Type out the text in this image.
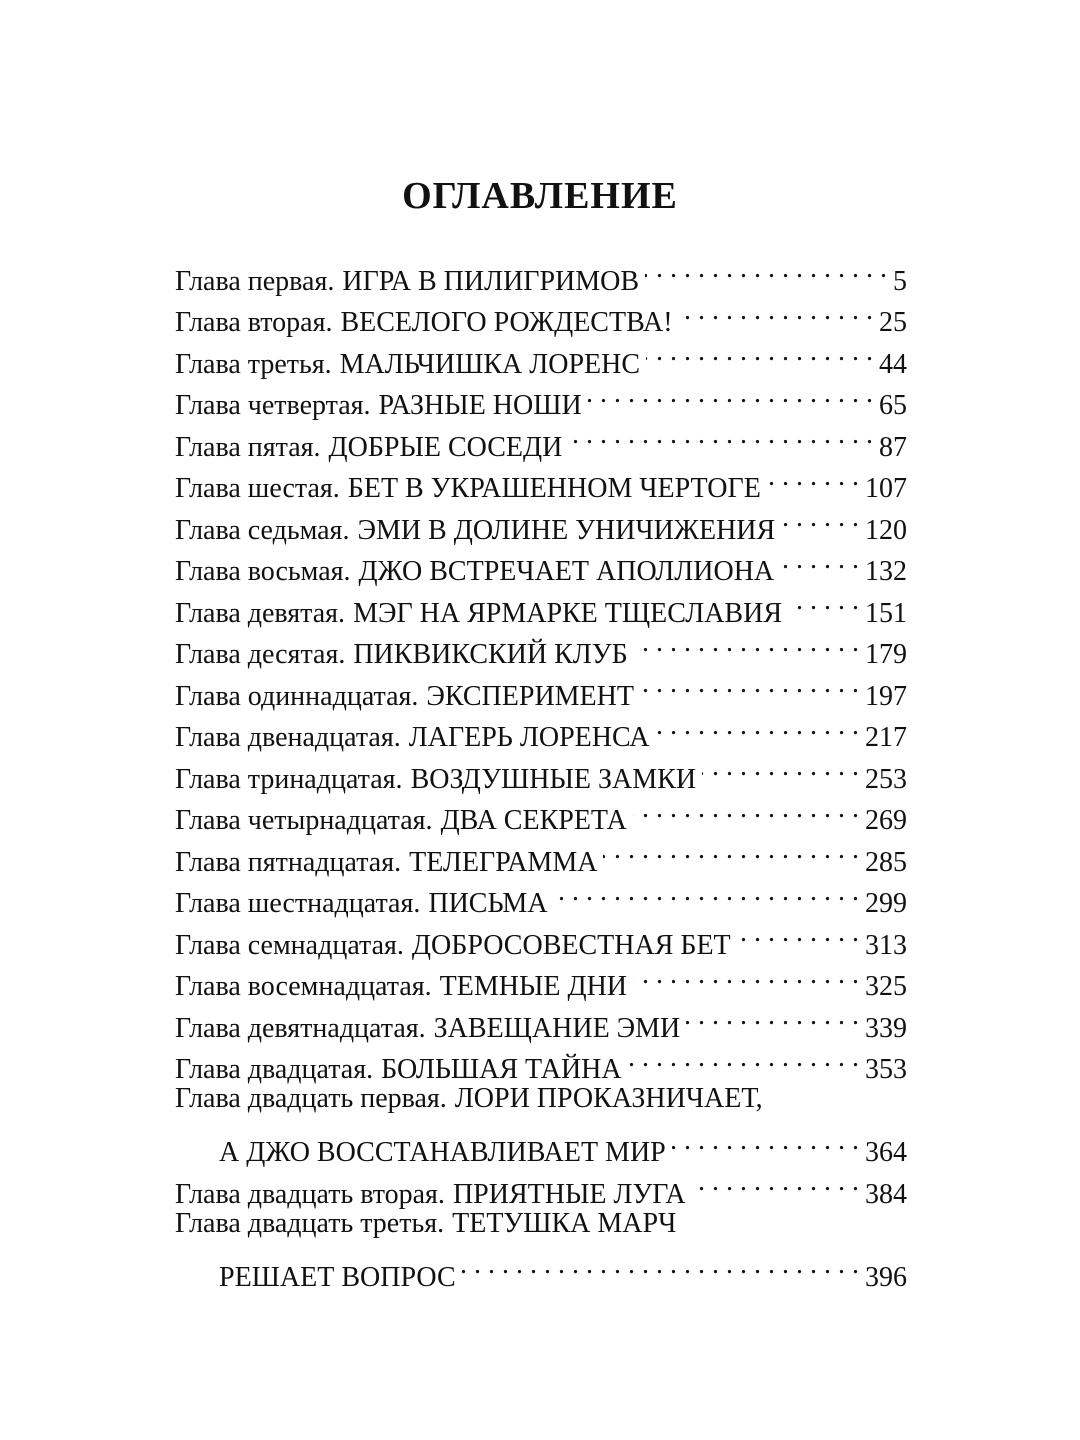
ОГЛАВЛЕНИЕ
Глава первая. ИГРА В ПИЛИГРИМОВ . . .	5
Глава вторая. ВЕСЕЛОГО РОЖДЕСТВА! . . .	25
Глава третья. МАЛЬЧИШКА ЛОРЕНС . . .	44
Глава четвертая. РАЗНЫЕ НОШИ . . .	65
Глава пятая. ДОБРЫЕ СОСЕДИ . . .	87
Глава шестая. БЕТ В УКРАШЕННОМ ЧЕРТОГЕ . . .	107
Глава седьмая. ЭМИ В ДОЛИНЕ УНИЧИЖЕНИЯ . . .	120
Глава восьмая. ДЖО ВСТРЕЧАЕТ АПОЛЛИОНА . . .	132
Глава девятая. МЭГ НА ЯРМАРКЕ ТЩЕСЛАВИЯ . . .	151
Глава десятая. ПИКВИКСКИЙ КЛУБ . . .	179
Глава одиннадцатая. ЭКСПЕРИМЕНТ . . .	197
Глава двенадцатая. ЛАГЕРЬ ЛОРЕНСА . . .	217
Глава тринадцатая. ВОЗДУШНЫЕ ЗАМКИ . . .	253
Глава четырнадцатая. ДВА СЕКРЕТА . . .	269
Глава пятнадцатая. ТЕЛЕГРАММА . . .	285
Глава шестнадцатая. ПИСЬМА . . .	299
Глава семнадцатая. ДОБРОСОВЕСТНАЯ БЕТ . . .	313
Глава восемнадцатая. ТЕМНЫЕ ДНИ . . .	325
Глава девятнадцатая. ЗАВЕЩАНИЕ ЭМИ . . .	339
Глава двадцатая. БОЛЬШАЯ ТАЙНА . . .	353
Глава двадцать первая. ЛОРИ ПРОКАЗНИЧАЕТ,
А ДЖО ВОССТАНАВЛИВАЕТ МИР . . .	364
Глава двадцать вторая. ПРИЯТНЫЕ ЛУГА . . .	384
Глава двадцать третья. ТЕТУШКА МАРЧ
РЕШАЕТ ВОПРОС . . .	396
